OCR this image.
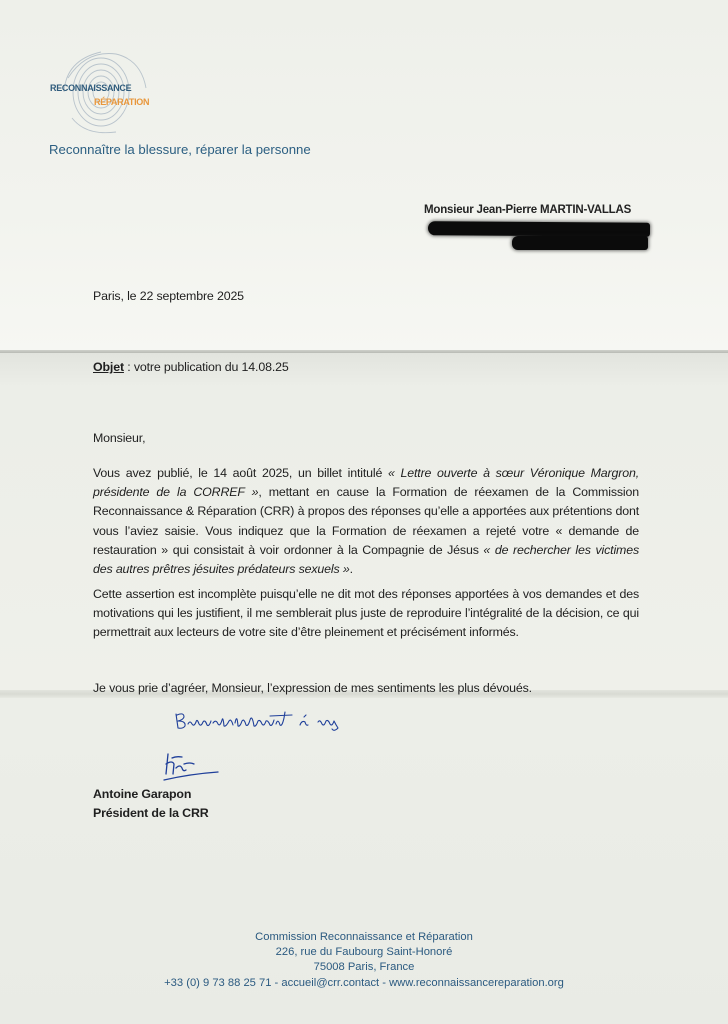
RECONNAISSANCE
RÉPARATION
Reconnaître la blessure, réparer la personne
Monsieur Jean-Pierre MARTIN-VALLAS
Paris, le 22 septembre 2025
Objet : votre publication du 14.08.25
Monsieur,
Vous avez publié, le 14 août 2025, un billet intitulé « Lettre ouverte à sœur Véronique Margron, présidente de la CORREF », mettant en cause la Formation de réexamen de la Commission Reconnaissance & Réparation (CRR) à propos des réponses qu’elle a apportées aux prétentions dont vous l’aviez saisie. Vous indiquez que la Formation de réexamen a rejeté votre « demande de restauration » qui consistait à voir ordonner à la Compagnie de Jésus « de rechercher les victimes des autres prêtres jésuites prédateurs sexuels ».
Cette assertion est incomplète puisqu’elle ne dit mot des réponses apportées à vos demandes et des motivations qui les justifient, il me semblerait plus juste de reproduire l’intégralité de la décision, ce qui permettrait aux lecteurs de votre site d’être pleinement et précisément informés.
Je vous prie d’agréer, Monsieur, l’expression de mes sentiments les plus dévoués.
Antoine Garapon
Président de la CRR
Commission Reconnaissance et Réparation
226, rue du Faubourg Saint-Honoré
75008 Paris, France
+33 (0) 9 73 88 25 71 - accueil@crr.contact - www.reconnaissancereparation.org
